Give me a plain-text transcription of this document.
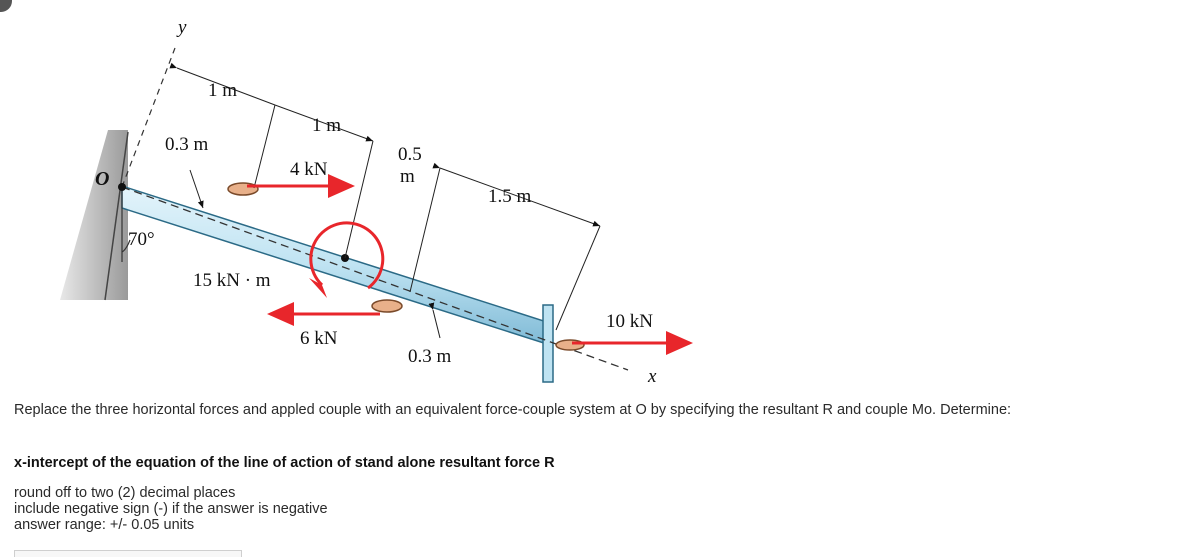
y
x
O
1 m
1 m
0.3 m	0.5
m
1.5 m
0.3 m
70°
4 kN
15 kN · m
6 kN
10 kN
Replace the three horizontal forces and appled couple with an equivalent force-couple system at O by specifying the resultant R and couple Mo. Determine:
x-intercept of the equation of the line of action of stand alone resultant force R
round off to two (2) decimal places
include negative sign (-) if the answer is negative
answer range: +/- 0.05 units
